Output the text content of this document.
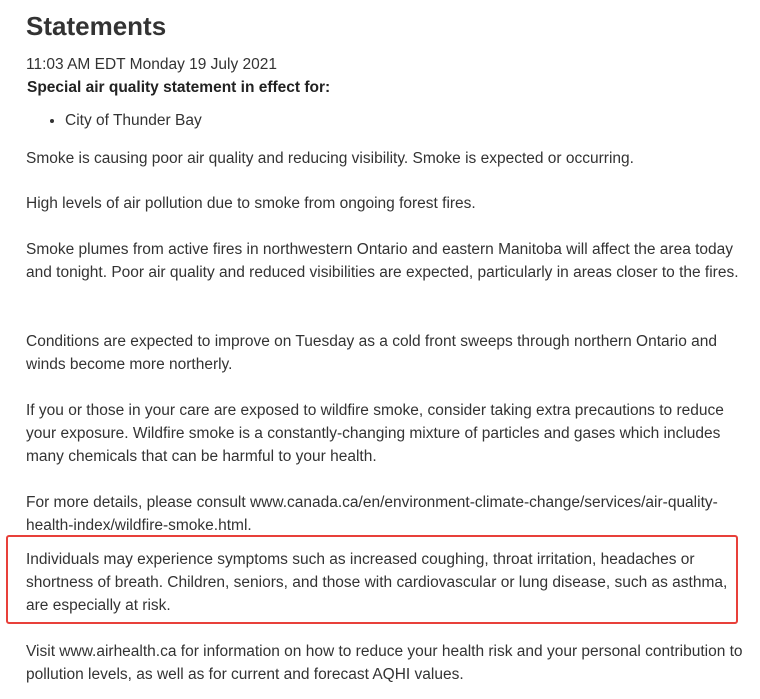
Statements
11:03 AM EDT Monday 19 July 2021
Special air quality statement in effect for:
• City of Thunder Bay

Smoke is causing poor air quality and reducing visibility. Smoke is expected or occurring.

High levels of air pollution due to smoke from ongoing forest fires.

Smoke plumes from active fires in northwestern Ontario and eastern Manitoba will affect the area today and tonight. Poor air quality and reduced visibilities are expected, particularly in areas closer to the fires.

Conditions are expected to improve on Tuesday as a cold front sweeps through northern Ontario and winds become more northerly.

If you or those in your care are exposed to wildfire smoke, consider taking extra precautions to reduce your exposure. Wildfire smoke is a constantly-changing mixture of particles and gases which includes many chemicals that can be harmful to your health.

For more details, please consult www.canada.ca/en/environment-climate-change/services/air-quality-health-index/wildfire-smoke.html.

Individuals may experience symptoms such as increased coughing, throat irritation, headaches or shortness of breath. Children, seniors, and those with cardiovascular or lung disease, such as asthma, are especially at risk.

Visit www.airhealth.ca for information on how to reduce your health risk and your personal contribution to pollution levels, as well as for current and forecast AQHI values.
